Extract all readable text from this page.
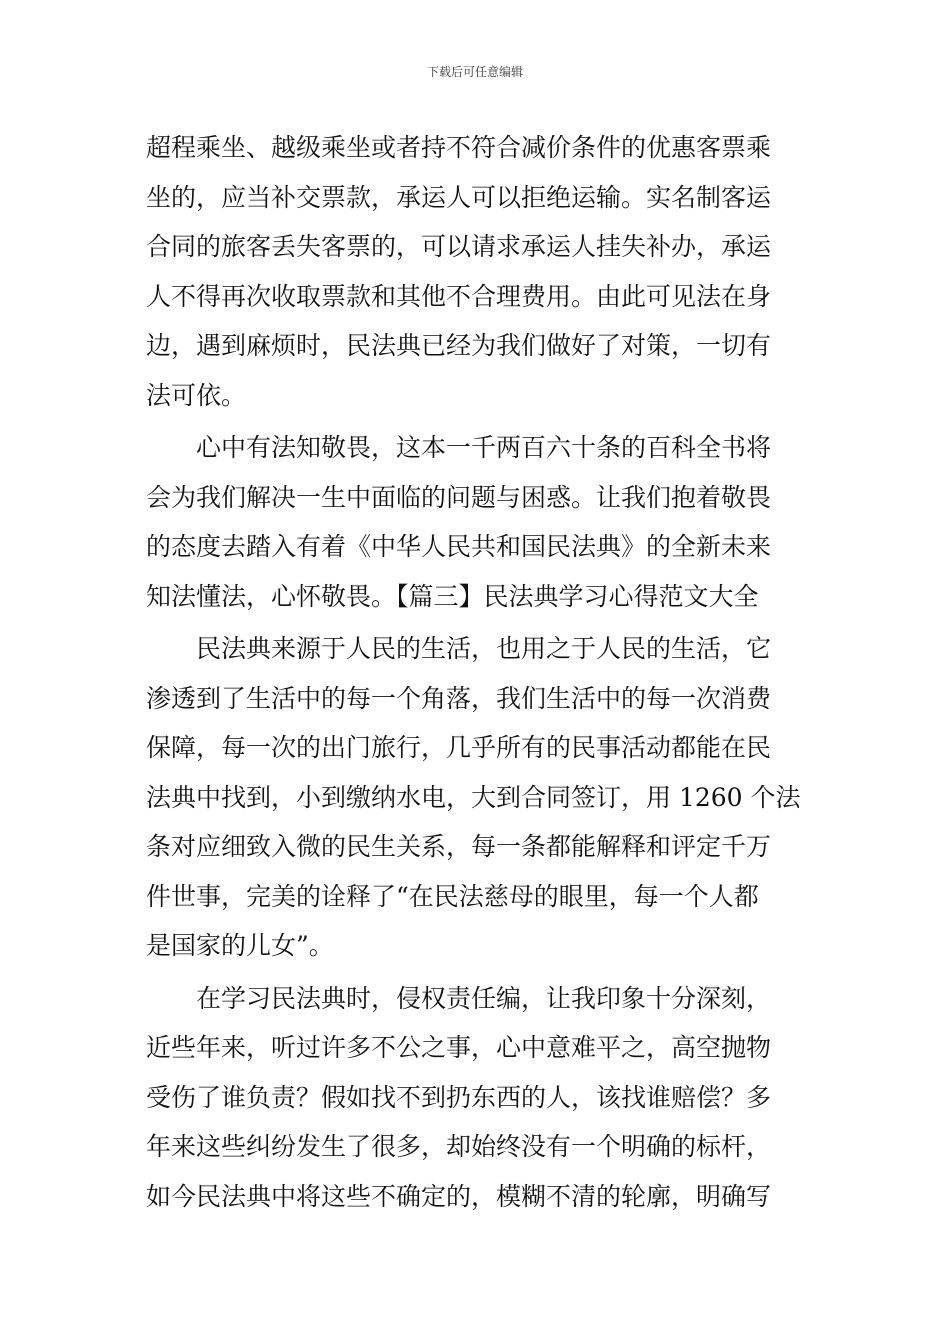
下载后可任意编辑
超程乘坐、越级乘坐或者持不符合减价条件的优惠客票乘
坐的，应当补交票款，承运人可以拒绝运输。实名制客运
合同的旅客丢失客票的，可以请求承运人挂失补办，承运
人不得再次收取票款和其他不合理费用。由此可见法在身
边，遇到麻烦时，民法典已经为我们做好了对策，一切有
法可依。
心中有法知敬畏，这本一千两百六十条的百科全书将
会为我们解决一生中面临的问题与困惑。让我们抱着敬畏
的态度去踏入有着《中华人民共和国民法典》的全新未来
知法懂法，心怀敬畏。【篇三】民法典学习心得范文大全
民法典来源于人民的生活，也用之于人民的生活，它
渗透到了生活中的每一个角落，我们生活中的每一次消费
保障，每一次的出门旅行，几乎所有的民事活动都能在民
法典中找到，小到缴纳水电，大到合同签订，用 1260 个法
条对应细致入微的民生关系，每一条都能解释和评定千万
件世事，完美的诠释了“在民法慈母的眼里，每一个人都
是国家的儿女”。
在学习民法典时，侵权责任编，让我印象十分深刻，
近些年来，听过许多不公之事，心中意难平之，高空抛物
受伤了谁负责？假如找不到扔东西的人，该找谁赔偿？多
年来这些纠纷发生了很多，却始终没有一个明确的标杆，
如今民法典中将这些不确定的，模糊不清的轮廓，明确写
